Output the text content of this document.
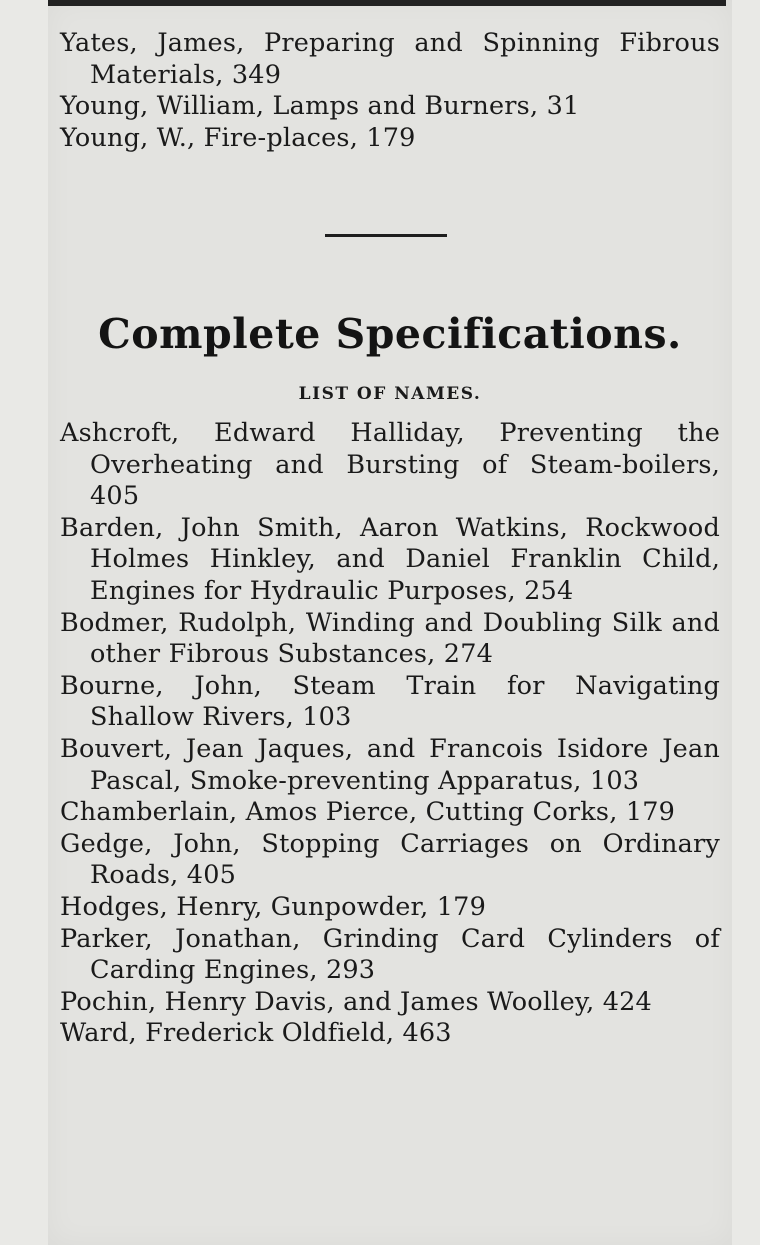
Yates, James, Preparing and Spinning Fibrous Materials, 349
Young, William, Lamps and Burners, 31
Young, W., Fire-places, 179
Complete Specifications.
LIST OF NAMES.
Ashcroft, Edward Halliday, Preventing the Overheating and Bursting of Steam-boilers, 405
Barden, John Smith, Aaron Watkins, Rockwood Holmes Hinkley, and Daniel Franklin Child, Engines for Hydraulic Purposes, 254
Bodmer, Rudolph, Winding and Doubling Silk and other Fibrous Substances, 274
Bourne, John, Steam Train for Navigating Shallow Rivers, 103
Bouvert, Jean Jaques, and Francois Isidore Jean Pascal, Smoke-preventing Apparatus, 103
Chamberlain, Amos Pierce, Cutting Corks, 179
Gedge, John, Stopping Carriages on Ordinary Roads, 405
Hodges, Henry, Gunpowder, 179
Parker, Jonathan, Grinding Card Cylinders of Carding Engines, 293
Pochin, Henry Davis, and James Woolley, 424
Ward, Frederick Oldfield, 463
